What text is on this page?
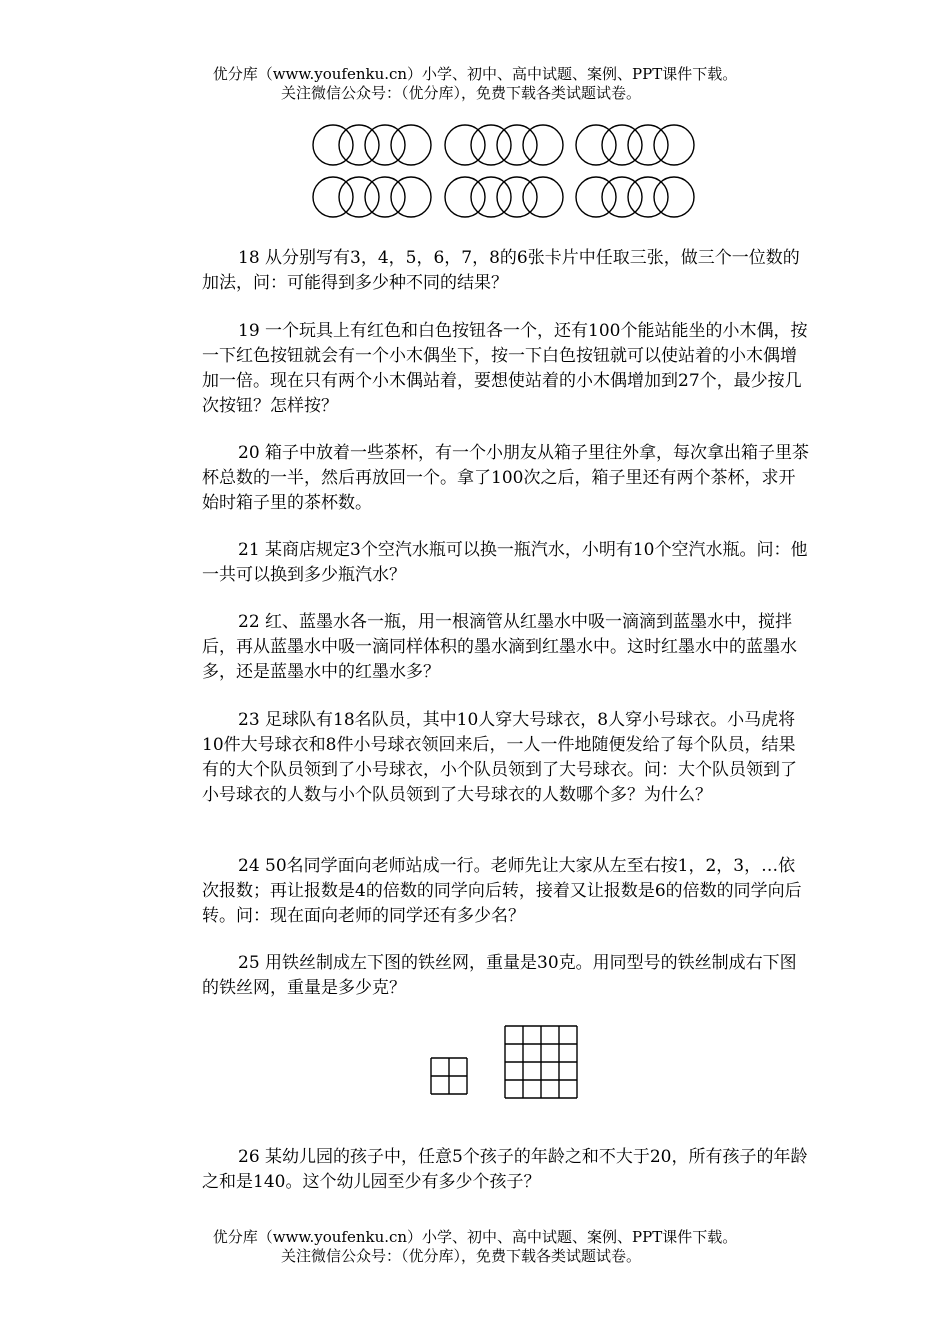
优分库（www.youfenku.cn）小学、初中、高中试题、案例、PPT课件下载。
关注微信公众号：（优分库），免费下载各类试题试卷。

18 从分别写有3，4，5，6，7，8的6张卡片中任取三张，做三个一位数的加法，问：可能得到多少种不同的结果？

19 一个玩具上有红色和白色按钮各一个，还有100个能站能坐的小木偶，按一下红色按钮就会有一个小木偶坐下，按一下白色按钮就可以使站着的小木偶增加一倍。现在只有两个小木偶站着，要想使站着的小木偶增加到27个，最少按几次按钮？怎样按？

20 箱子中放着一些茶杯，有一个小朋友从箱子里往外拿，每次拿出箱子里茶杯总数的一半，然后再放回一个。拿了100次之后，箱子里还有两个茶杯，求开始时箱子里的茶杯数。

21 某商店规定3个空汽水瓶可以换一瓶汽水，小明有10个空汽水瓶。问：他一共可以换到多少瓶汽水？

22 红、蓝墨水各一瓶，用一根滴管从红墨水中吸一滴滴到蓝墨水中，搅拌后，再从蓝墨水中吸一滴同样体积的墨水滴到红墨水中。这时红墨水中的蓝墨水多，还是蓝墨水中的红墨水多？

23 足球队有18名队员，其中10人穿大号球衣，8人穿小号球衣。小马虎将10件大号球衣和8件小号球衣领回来后，一人一件地随便发给了每个队员，结果有的大个队员领到了小号球衣，小个队员领到了大号球衣。问：大个队员领到了小号球衣的人数与小个队员领到了大号球衣的人数哪个多？为什么？

24 50名同学面向老师站成一行。老师先让大家从左至右按1，2，3，…依次报数；再让报数是4的倍数的同学向后转，接着又让报数是6的倍数的同学向后转。问：现在面向老师的同学还有多少名？

25 用铁丝制成左下图的铁丝网，重量是30克。用同型号的铁丝制成右下图的铁丝网，重量是多少克？

26 某幼儿园的孩子中，任意5个孩子的年龄之和不大于20，所有孩子的年龄之和是140。这个幼儿园至少有多少个孩子？

优分库（www.youfenku.cn）小学、初中、高中试题、案例、PPT课件下载。
关注微信公众号：（优分库），免费下载各类试题试卷。
